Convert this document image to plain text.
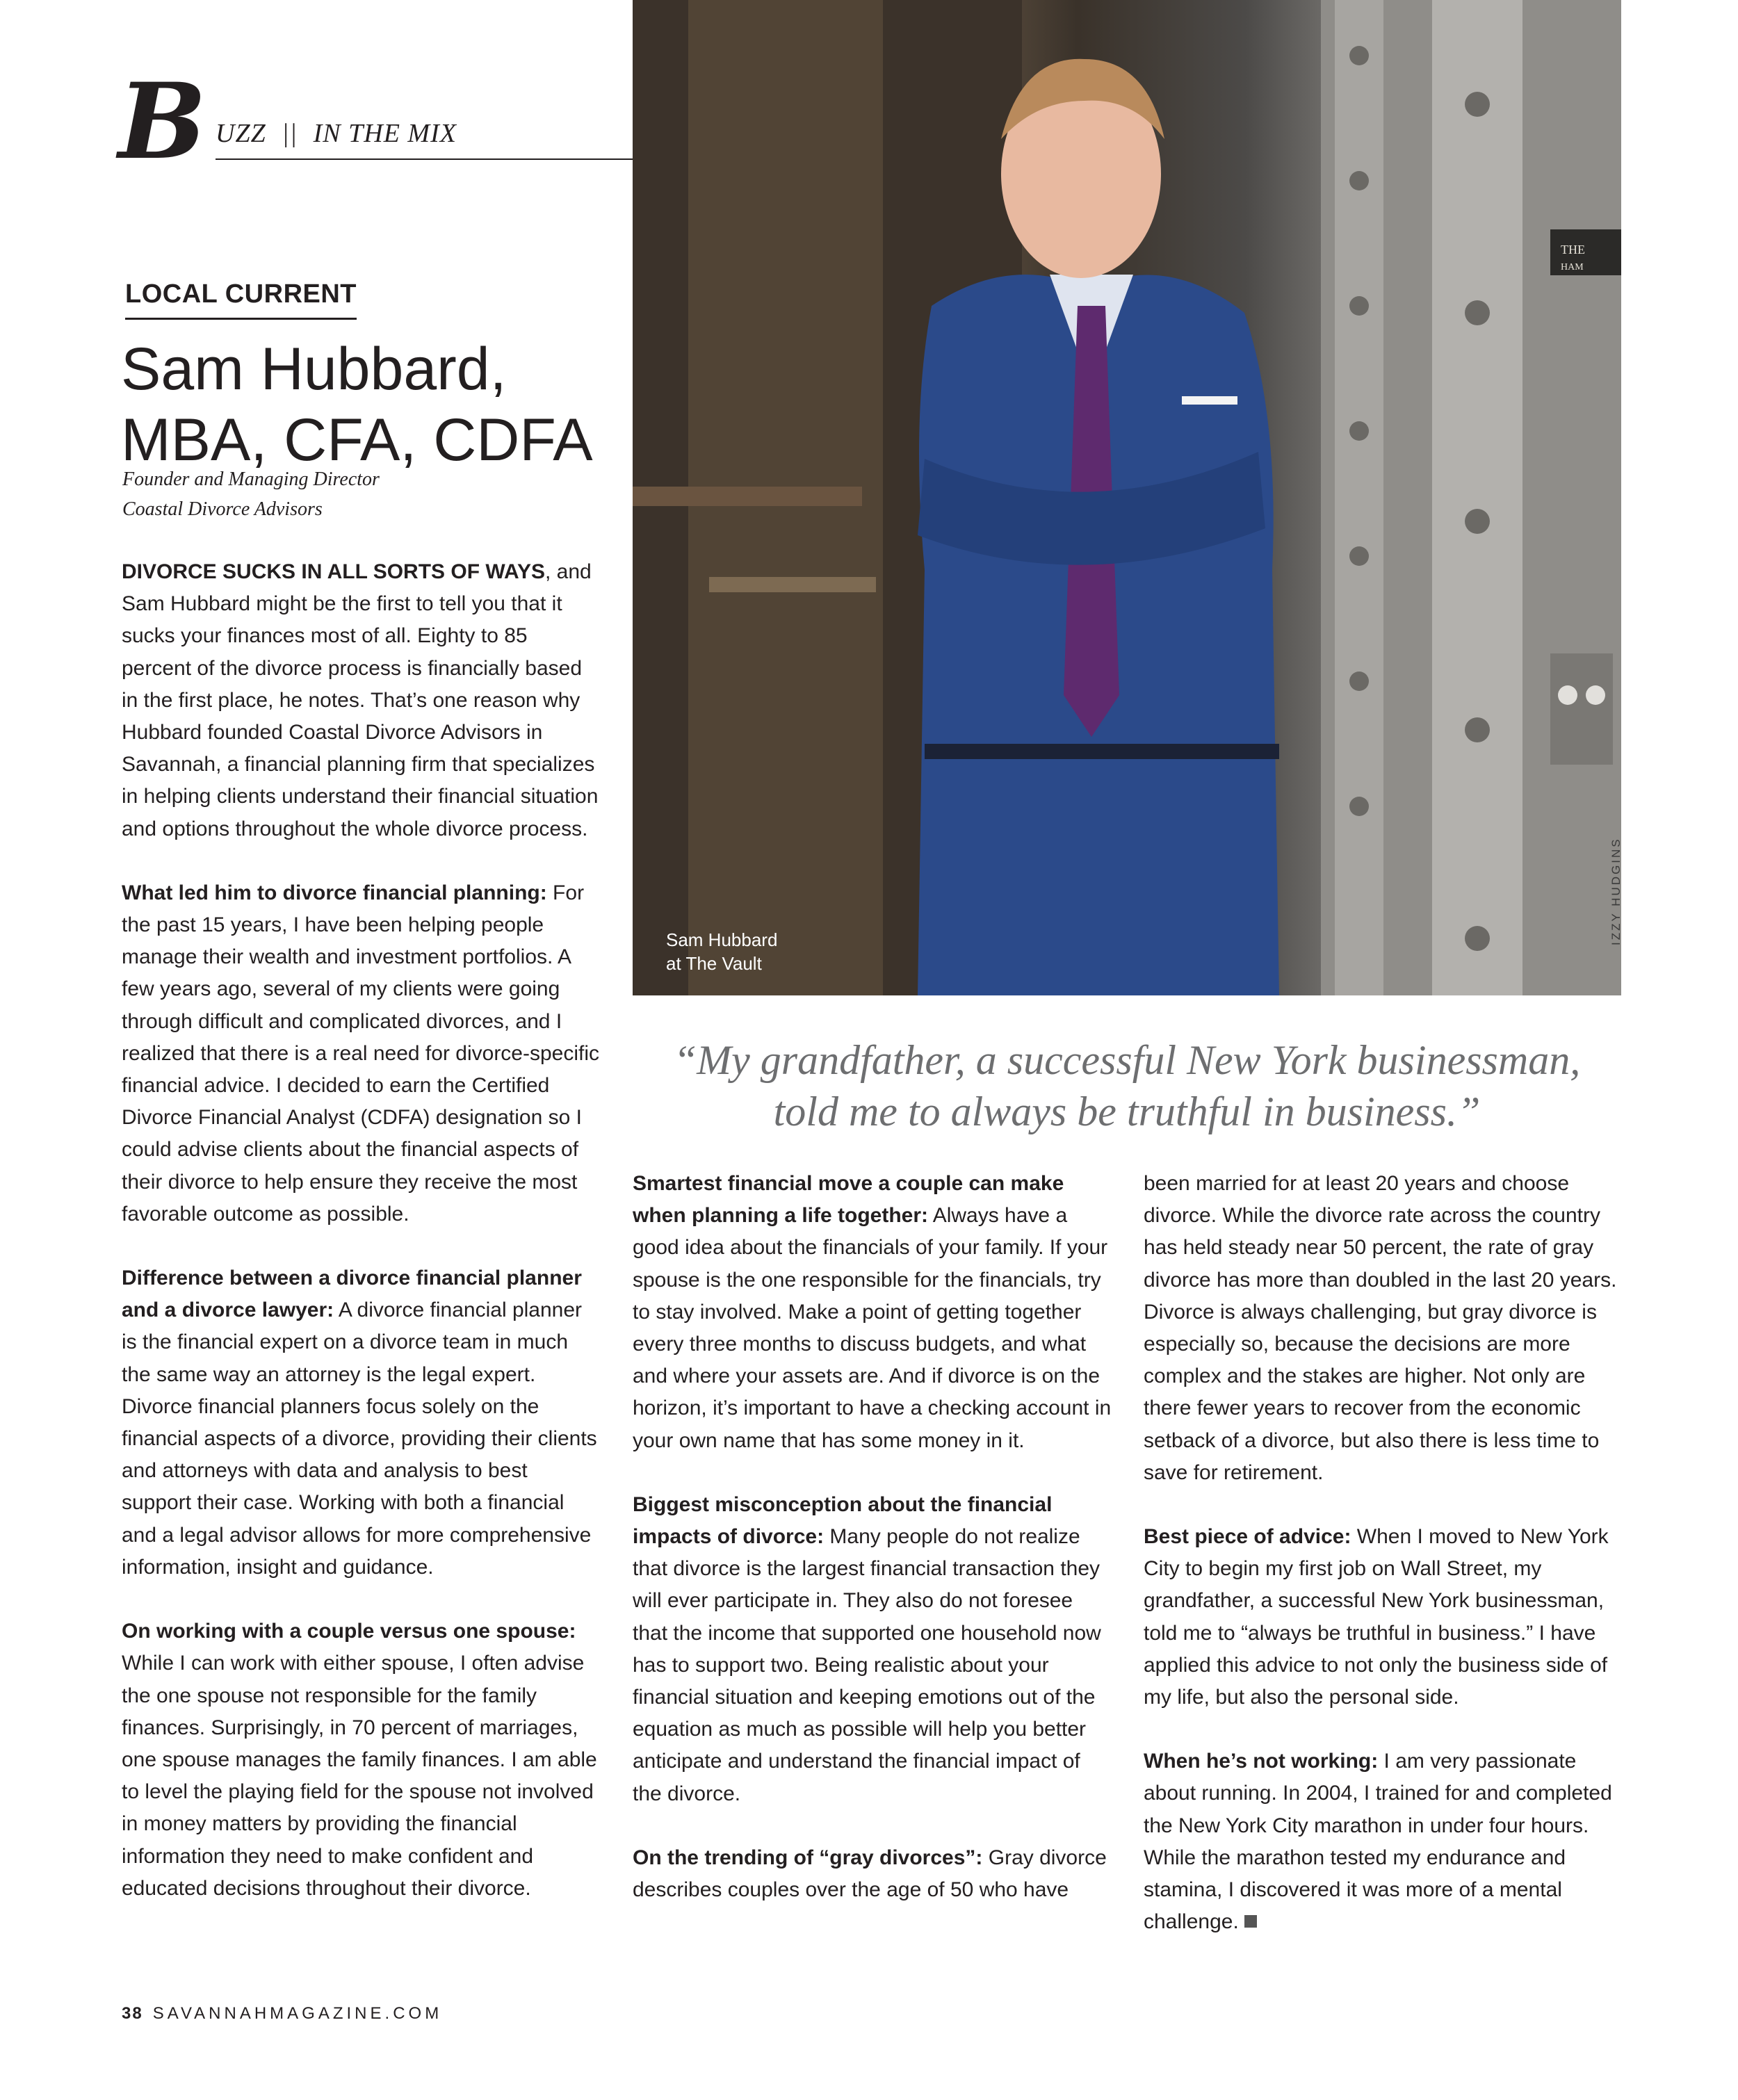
B UZZ || IN THE MIX
LOCAL CURRENT
Sam Hubbard,
MBA, CFA, CDFA
Founder and Managing Director
Coastal Divorce Advisors

DIVORCE SUCKS IN ALL SORTS OF WAYS, and Sam Hubbard might be the first to tell you that it sucks your finances most of all. Eighty to 85 percent of the divorce process is financially based in the first place, he notes. That’s one reason why Hubbard founded Coastal Divorce Advisors in Savannah, a financial planning firm that specializes in helping clients understand their financial situation and options throughout the whole divorce process.

What led him to divorce financial planning: For the past 15 years, I have been helping people manage their wealth and investment portfolios. A few years ago, several of my clients were going through difficult and complicated divorces, and I realized that there is a real need for divorce-specific financial advice. I decided to earn the Certified Divorce Financial Analyst (CDFA) designation so I could advise clients about the financial aspects of their divorce to help ensure they receive the most favorable outcome as possible.

Difference between a divorce financial planner and a divorce lawyer: A divorce financial planner is the financial expert on a divorce team in much the same way an attorney is the legal expert. Divorce financial planners focus solely on the financial aspects of a divorce, providing their clients and attorneys with data and analysis to best support their case. Working with both a financial and a legal advisor allows for more comprehensive information, insight and guidance.

On working with a couple versus one spouse: While I can work with either spouse, I often advise the one spouse not responsible for the family finances. Surprisingly, in 70 percent of marriages, one spouse manages the family finances. I am able to level the playing field for the spouse not involved in money matters by providing the financial information they need to make confident and educated decisions throughout their divorce.

THE
HAM
Sam Hubbard
at The Vault
IZZY HUDGINS
“My grandfather, a successful New York businessman,
told me to always be truthful in business.”

Smartest financial move a couple can make when planning a life together: Always have a good idea about the financials of your family. If your spouse is the one responsible for the financials, try to stay involved. Make a point of getting together every three months to discuss budgets, and what and where your assets are. And if divorce is on the horizon, it’s important to have a checking account in your own name that has some money in it.

Biggest misconception about the financial impacts of divorce: Many people do not realize that divorce is the largest financial transaction they will ever participate in. They also do not foresee that the income that supported one household now has to support two. Being realistic about your financial situation and keeping emotions out of the equation as much as possible will help you better anticipate and understand the financial impact of the divorce.

On the trending of “gray divorces”: Gray divorce describes couples over the age of 50 who have

been married for at least 20 years and choose divorce. While the divorce rate across the country has held steady near 50 percent, the rate of gray divorce has more than doubled in the last 20 years. Divorce is always challenging, but gray divorce is especially so, because the decisions are more complex and the stakes are higher. Not only are there fewer years to recover from the economic setback of a divorce, but also there is less time to save for retirement.

Best piece of advice: When I moved to New York City to begin my first job on Wall Street, my grandfather, a successful New York businessman, told me to “always be truthful in business.” I have applied this advice to not only the business side of my life, but also the personal side.

When he’s not working: I am very passionate about running. In 2004, I trained for and completed the New York City marathon in under four hours. While the marathon tested my endurance and stamina, I discovered it was more of a mental challenge.

38 SAVANNAHMAGAZINE.COM
